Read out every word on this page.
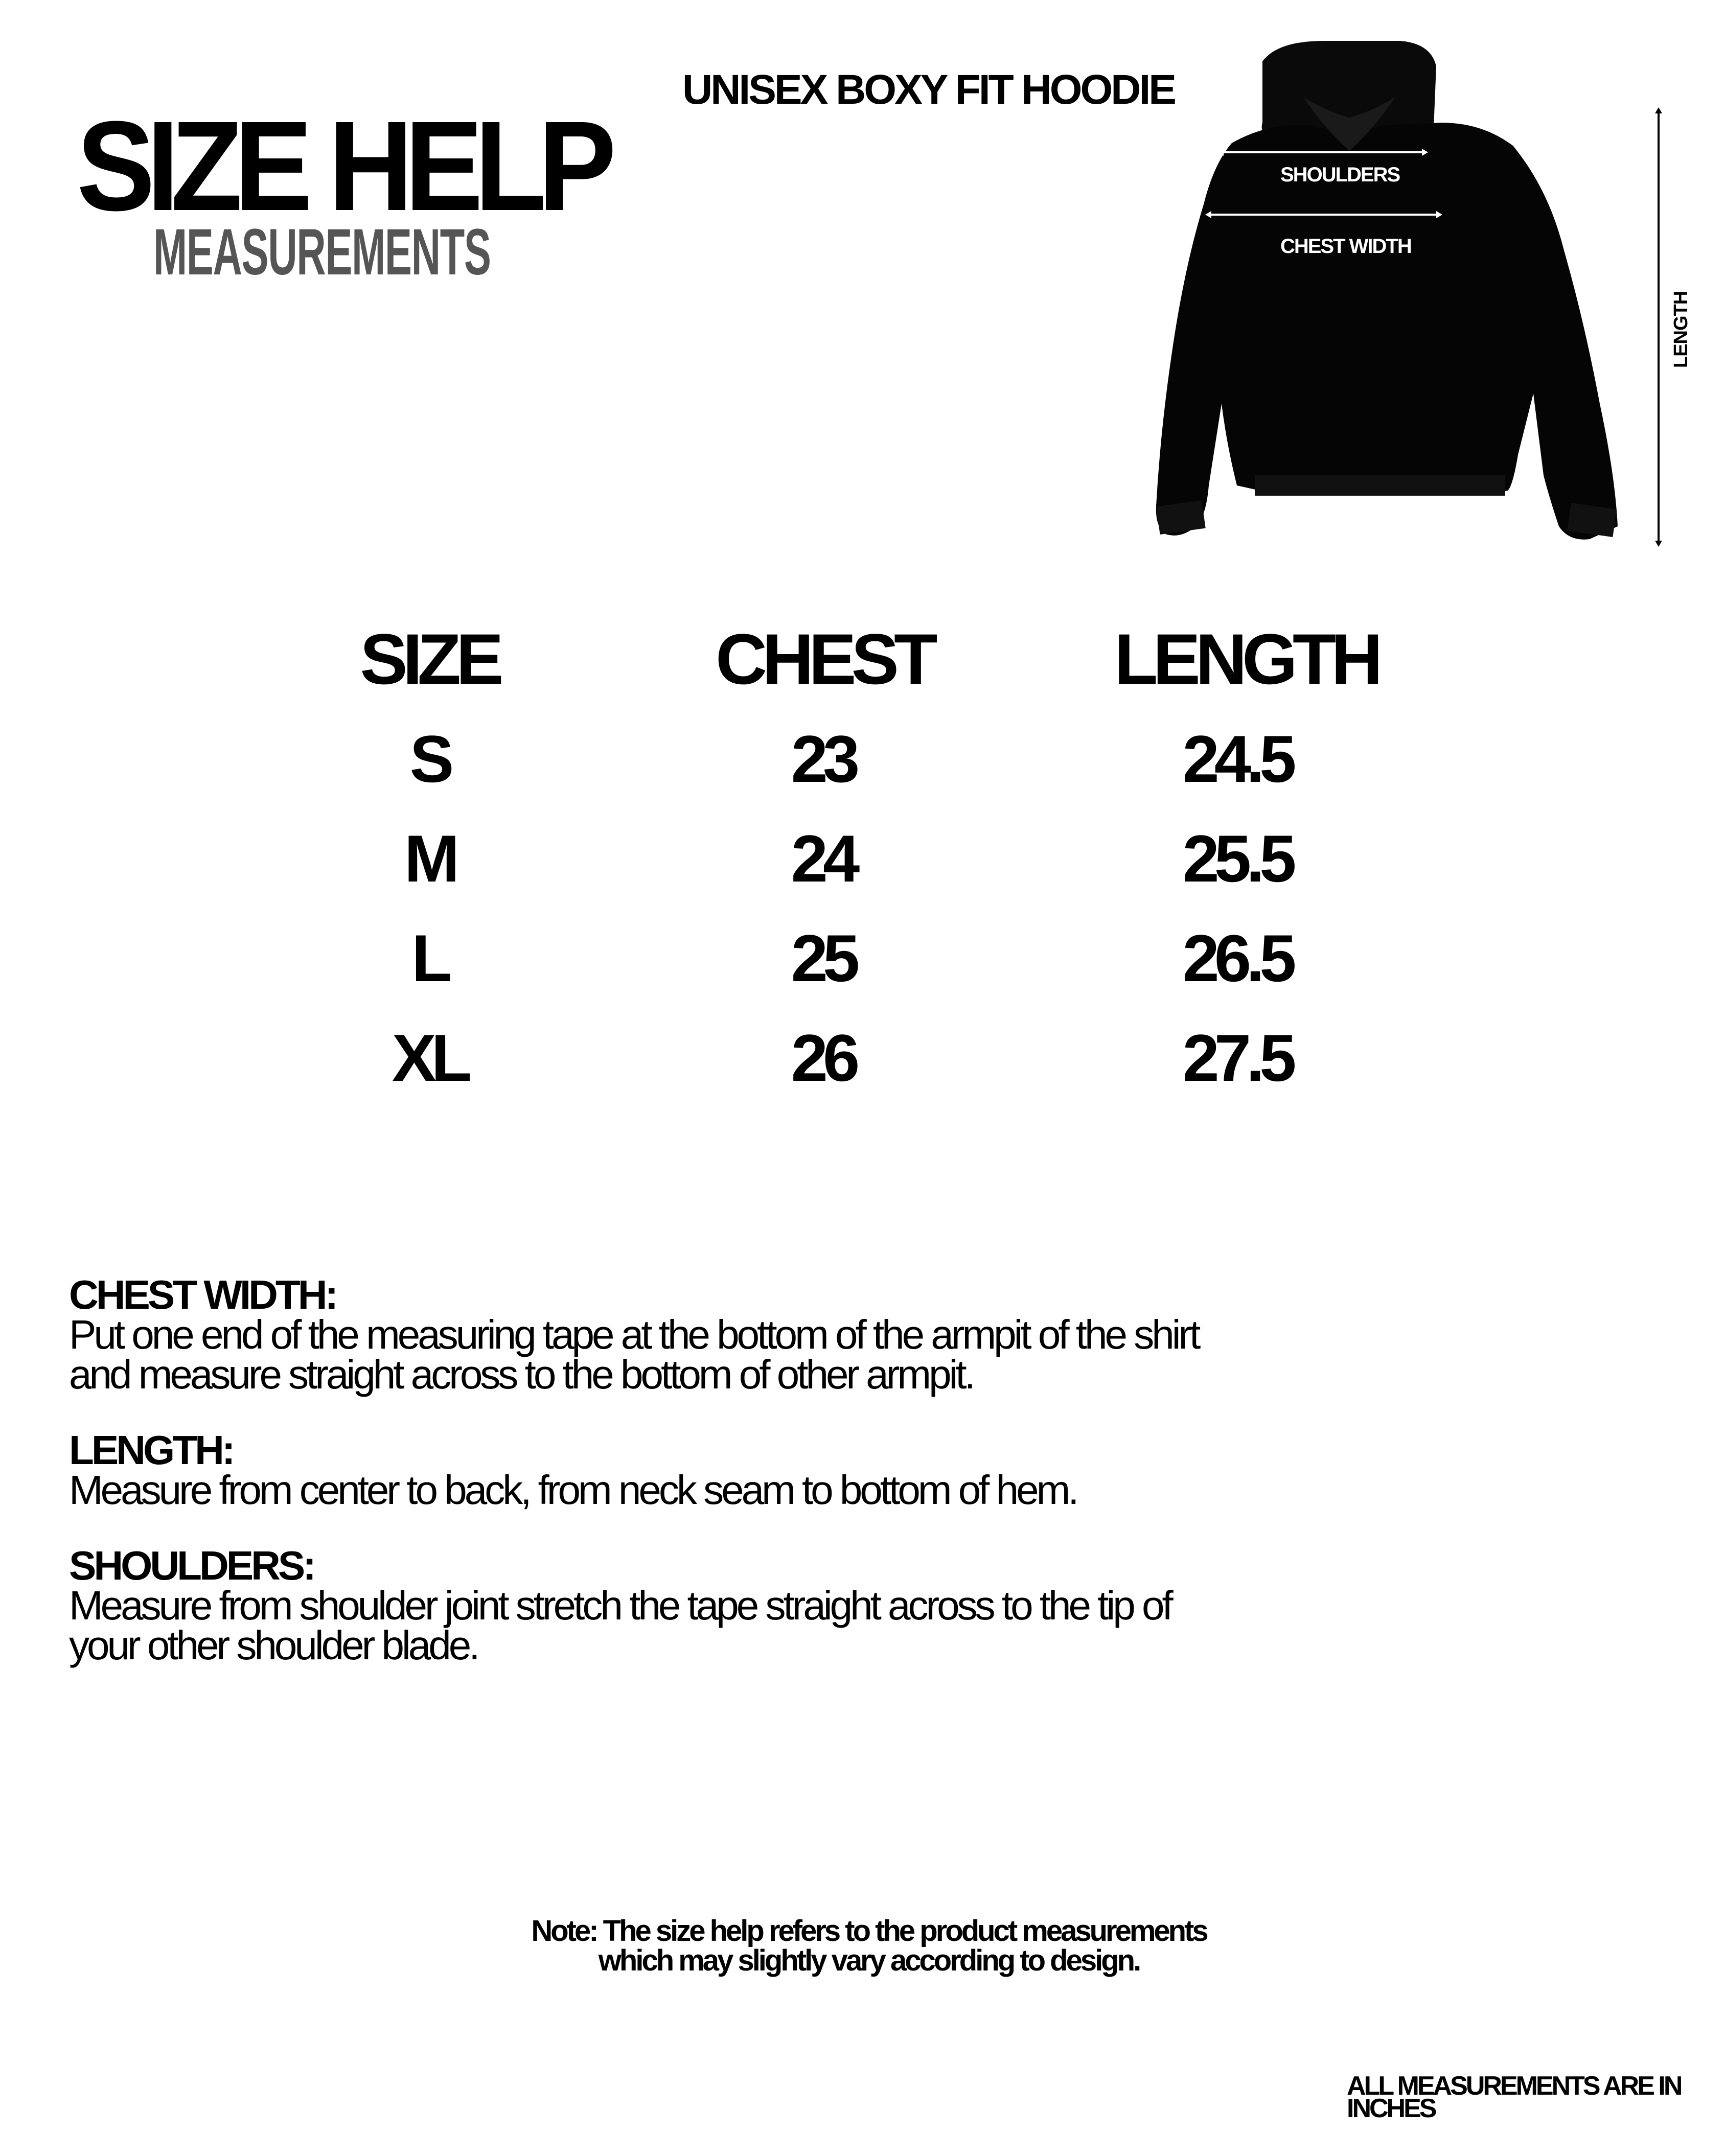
SIZE HELP
MEASUREMENTS
UNISEX BOXY FIT HOODIE
SHOULDERS
CHEST WIDTH
LENGTH
SIZE	CHEST	LENGTH
S	23	24.5
M	24	25.5
L	25	26.5
XL	26	27.5
CHEST WIDTH:
Put one end of the measuring tape at the bottom of the armpit of the shirt and measure straight across to the bottom of other armpit.
LENGTH:
Measure from center to back, from neck seam to bottom of hem.
SHOULDERS:
Measure from shoulder joint stretch the tape straight across to the tip of your other shoulder blade.
Note: The size help refers to the product measurements
which may slightly vary according to design.
ALL MEASUREMENTS ARE IN
INCHES
